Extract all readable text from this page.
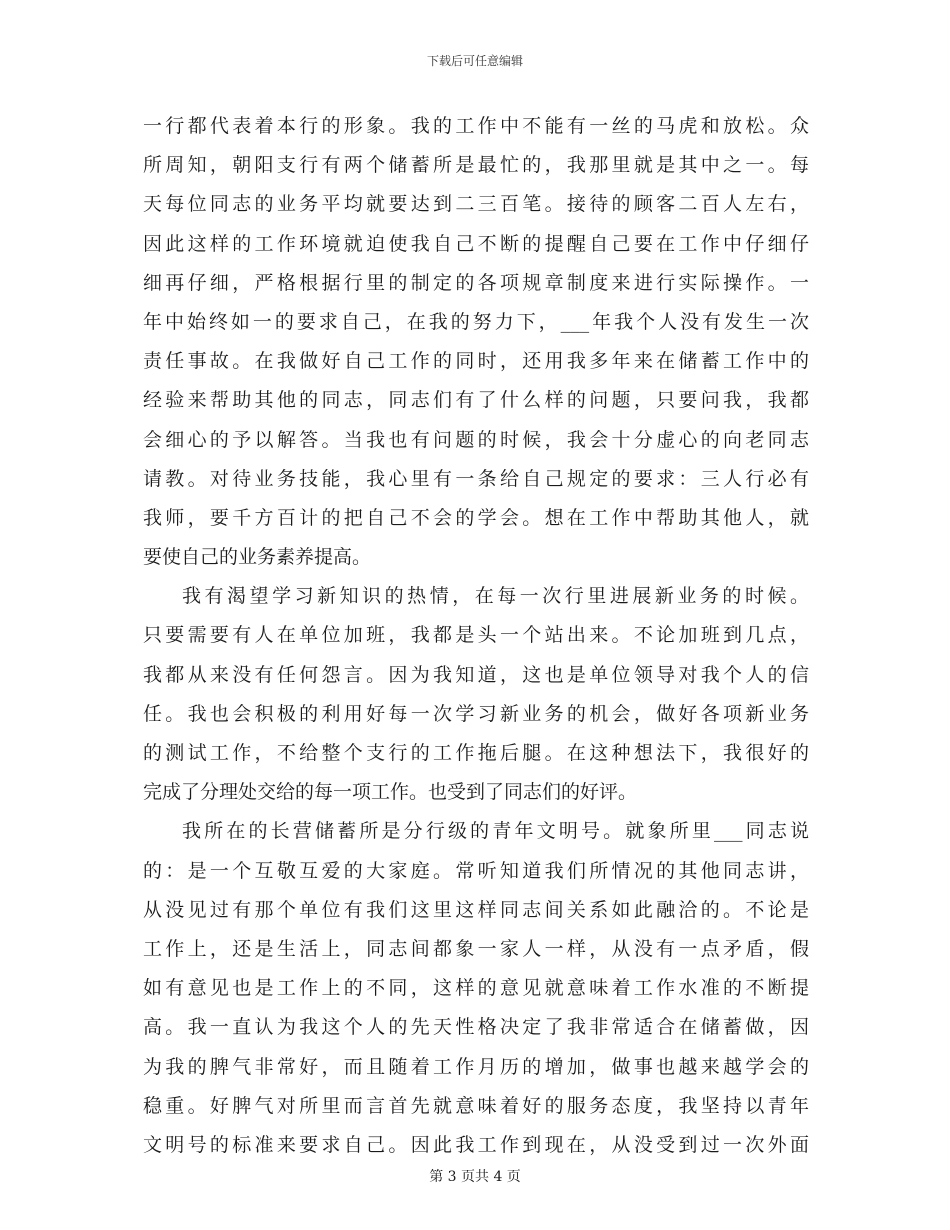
下载后可任意编辑
一行都代表着本行的形象。我的工作中不能有一丝的马虎和放松。众
所周知，朝阳支行有两个储蓄所是最忙的，我那里就是其中之一。每
天每位同志的业务平均就要达到二三百笔。接待的顾客二百人左右，
因此这样的工作环境就迫使我自己不断的提醒自己要在工作中仔细仔
细再仔细，严格根据行里的制定的各项规章制度来进行实际操作。一
年中始终如一的要求自己，在我的努力下，___年我个人没有发生一次
责任事故。在我做好自己工作的同时，还用我多年来在储蓄工作中的
经验来帮助其他的同志，同志们有了什么样的问题，只要问我，我都
会细心的予以解答。当我也有问题的时候，我会十分虚心的向老同志
请教。对待业务技能，我心里有一条给自己规定的要求：三人行必有
我师，要千方百计的把自己不会的学会。想在工作中帮助其他人，就
要使自己的业务素养提高。
我有渴望学习新知识的热情，在每一次行里进展新业务的时候。
只要需要有人在单位加班，我都是头一个站出来。不论加班到几点，
我都从来没有任何怨言。因为我知道，这也是单位领导对我个人的信
任。我也会积极的利用好每一次学习新业务的机会，做好各项新业务
的测试工作，不给整个支行的工作拖后腿。在这种想法下，我很好的
完成了分理处交给的每一项工作。也受到了同志们的好评。
我所在的长营储蓄所是分行级的青年文明号。就象所里___同志说
的：是一个互敬互爱的大家庭。常听知道我们所情况的其他同志讲，
从没见过有那个单位有我们这里这样同志间关系如此融洽的。不论是
工作上，还是生活上，同志间都象一家人一样，从没有一点矛盾，假
如有意见也是工作上的不同，这样的意见就意味着工作水准的不断提
高。我一直认为我这个人的先天性格决定了我非常适合在储蓄做，因
为我的脾气非常好，而且随着工作月历的增加，做事也越来越学会的
稳重。好脾气对所里而言首先就意味着好的服务态度，我坚持以青年
文明号的标准来要求自己。因此我工作到现在，从没受到过一次外面
第 3 页共 4 页
